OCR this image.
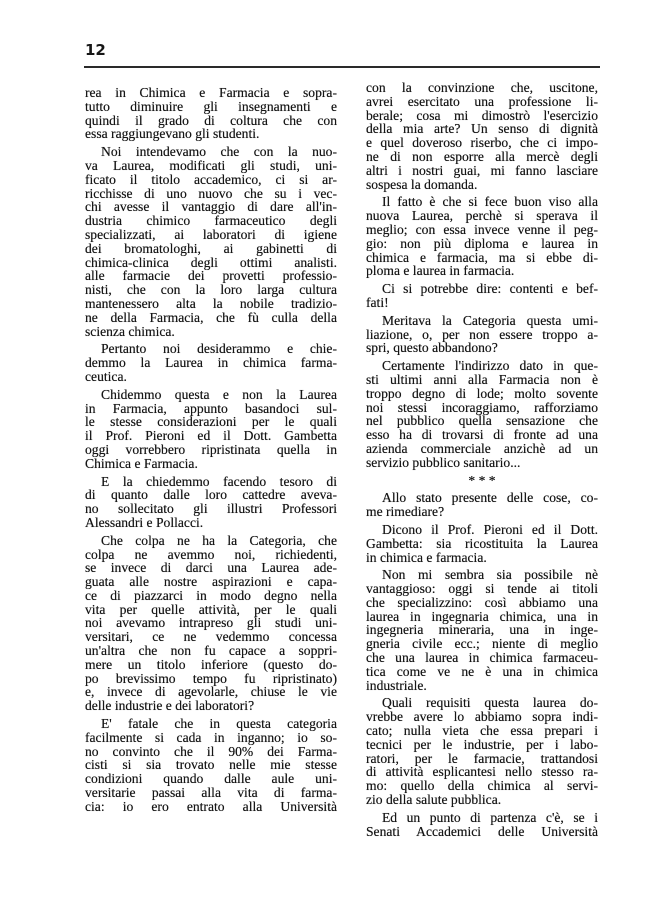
12
rea in Chimica e Farmacia e sopra-
tutto diminuire gli insegnamenti e
quindi il grado di coltura che con
essa raggiungevano gli studenti.
Noi intendevamo che con la nuo-
va Laurea, modificati gli studi, uni-
ficato il titolo accademico, ci si ar-
ricchisse di uno nuovo che su i vec-
chi avesse il vantaggio di dare all'in-
dustria chimico farmaceutico degli
specializzati, ai laboratori di igiene
dei bromatologhi, ai gabinetti di
chimica-clinica degli ottimi analisti.
alle farmacie dei provetti professio-
nisti, che con la loro larga cultura
mantenessero alta la nobile tradizio-
ne della Farmacia, che fù culla della
scienza chimica.
Pertanto noi desiderammo e chie-
demmo la Laurea in chimica farma-
ceutica.
Chidemmo questa e non la Laurea
in Farmacia, appunto basandoci sul-
le stesse considerazioni per le quali
il Prof. Pieroni ed il Dott. Gambetta
oggi vorrebbero ripristinata quella in
Chimica e Farmacia.
E la chiedemmo facendo tesoro di
di quanto dalle loro cattedre aveva-
no sollecitato gli illustri Professori
Alessandri e Pollacci.
Che colpa ne ha la Categoria, che
colpa ne avemmo noi, richiedenti,
se invece di darci una Laurea ade-
guata alle nostre aspirazioni e capa-
ce di piazzarci in modo degno nella
vita per quelle attività, per le quali
noi avevamo intrapreso gli studi uni-
versitari, ce ne vedemmo concessa
un'altra che non fu capace a soppri-
mere un titolo inferiore (questo do-
po brevissimo tempo fu ripristinato)
e, invece di agevolarle, chiuse le vie
delle industrie e dei laboratori?
E' fatale che in questa categoria
facilmente si cada in inganno; io so-
no convinto che il 90% dei Farma-
cisti si sia trovato nelle mie stesse
condizioni quando dalle aule uni-
versitarie passai alla vita di farma-
cia: io ero entrato alla Università
con la convinzione che, uscitone,
avrei esercitato una professione li-
berale; cosa mi dimostrò l'esercizio
della mia arte? Un senso di dignità
e quel doveroso riserbo, che ci impo-
ne di non esporre alla mercè degli
altri i nostri guai, mi fanno lasciare
sospesa la domanda.
Il fatto è che si fece buon viso alla
nuova Laurea, perchè si sperava il
meglio; con essa invece venne il peg-
gio: non più diploma e laurea in
chimica e farmacia, ma si ebbe di-
ploma e laurea in farmacia.
Ci si potrebbe dire: contenti e bef-
fati!
Meritava la Categoria questa umi-
liazione, o, per non essere troppo a-
spri, questo abbandono?
Certamente l'indirizzo dato in que-
sti ultimi anni alla Farmacia non è
troppo degno di lode; molto sovente
noi stessi incoraggiamo, rafforziamo
nel pubblico quella sensazione che
esso ha di trovarsi di fronte ad una
azienda commerciale anzichè ad un
servizio pubblico sanitario...
* * *
Allo stato presente delle cose, co-
me rimediare?
Dicono il Prof. Pieroni ed il Dott.
Gambetta: sia ricostituita la Laurea
in chimica e farmacia.
Non mi sembra sia possibile nè
vantaggioso: oggi si tende ai titoli
che specializzino: così abbiamo una
laurea in ingegnaria chimica, una in
ingegneria mineraria, una in inge-
gneria civile ecc.; niente di meglio
che una laurea in chimica farmaceu-
tica come ve ne è una in chimica
industriale.
Quali requisiti questa laurea do-
vrebbe avere lo abbiamo sopra indi-
cato; nulla vieta che essa prepari i
tecnici per le industrie, per i labo-
ratori, per le farmacie, trattandosi
di attività esplicantesi nello stesso ra-
mo: quello della chimica al servi-
zio della salute pubblica.
Ed un punto di partenza c'è, se i
Senati Accademici delle Università
